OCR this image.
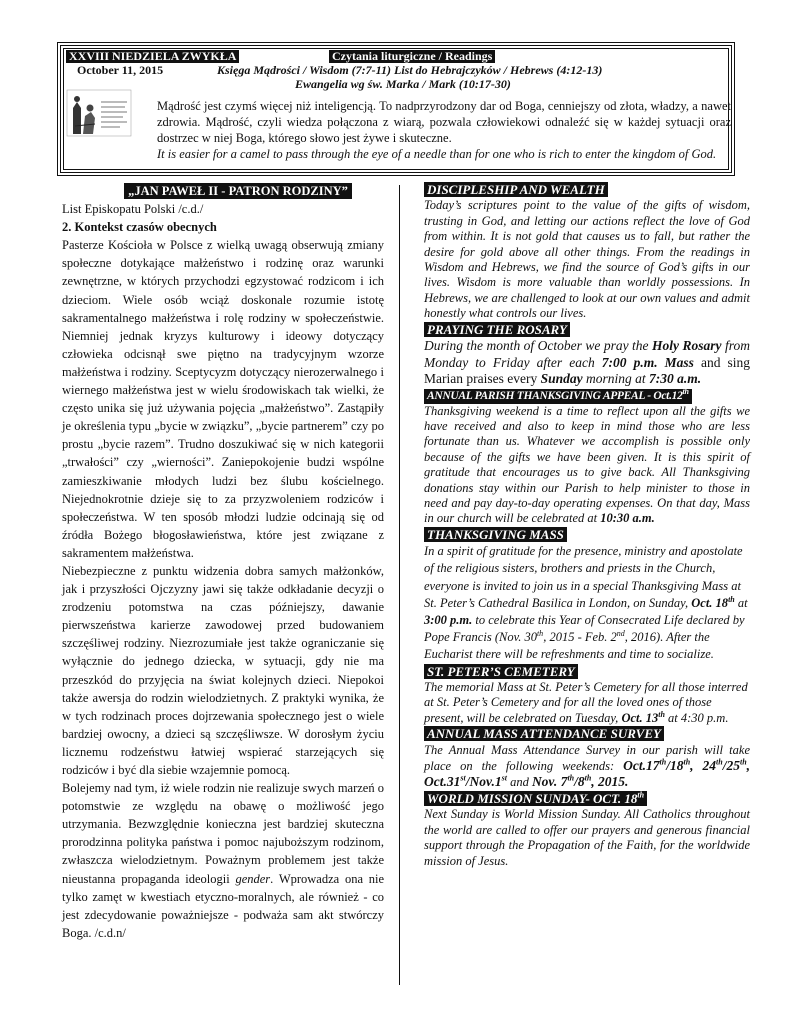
XXVIII NIEDZIELA ZWYKŁA	Czytania liturgiczne / Readings
October 11, 2015	Księga Mądrości / Wisdom (7:7-11) List do Hebrajczyków / Hebrews (4:12-13)
Ewangelia wg św. Marka / Mark (10:17-30)
Mądrość jest czymś więcej niż inteligencją. To nadprzyrodzony dar od Boga, cenniejszy od złota, władzy, a nawet zdrowia. Mądrość, czyli wiedza połączona z wiarą, pozwala człowiekowi odnaleźć się w każdej sytuacji oraz dostrzec w niej Boga, którego słowo jest żywe i skuteczne.
It is easier for a camel to pass through the eye of a needle than for one who is rich to enter the kingdom of God.
„JAN PAWEŁ II - PATRON RODZINY”

List Episkopatu Polski /c.d./

2. Kontekst czasów obecnych

Pasterze Kościoła w Polsce z wielką uwagą obserwują zmiany społeczne dotykające małżeństwo i rodzinę oraz warunki zewnętrzne, w których przychodzi egzystować rodzicom i ich dzieciom. Wiele osób wciąż doskonale rozumie istotę sakramentalnego małżeństwa i rolę rodziny w społeczeństwie. Niemniej jednak kryzys kulturowy i ideowy dotyczący człowieka odcisnął swe piętno na tradycyjnym wzorze małżeństwa i rodziny. Sceptycyzm dotyczący nierozerwalnego i wiernego małżeństwa jest w wielu środowiskach tak wielki, że często unika się już używania pojęcia „małżeństwo”. Zastąpiły je określenia typu „bycie w związku”, „bycie partnerem” czy po prostu „bycie razem”. Trudno doszukiwać się w nich kategorii „trwałości” czy „wierności”. Zaniepokojenie budzi wspólne zamieszkiwanie młodych ludzi bez ślubu kościelnego. Niejednokrotnie dzieje się to za przyzwoleniem rodziców i społeczeństwa. W ten sposób młodzi ludzie odcinają się od źródła Bożego błogosławieństwa, które jest związane z sakramentem małżeństwa.

Niebezpieczne z punktu widzenia dobra samych małżonków, jak i przyszłości Ojczyzny jawi się także odkładanie decyzji o zrodzeniu potomstwa na czas późniejszy, dawanie pierwszeństwa karierze zawodowej przed budowaniem szczęśliwej rodziny. Niezrozumiałe jest także ograniczanie się wyłącznie do jednego dziecka, w sytuacji, gdy nie ma przeszkód do przyjęcia na świat kolejnych dzieci. Niepokoi także awersja do rodzin wielodzietnych. Z praktyki wynika, że w tych rodzinach proces dojrzewania społecznego jest o wiele bardziej owocny, a dzieci są szczęśliwsze. W dorosłym życiu licznemu rodzeństwu łatwiej wspierać starzejących się rodziców i być dla siebie wzajemnie pomocą.

Bolejemy nad tym, iż wiele rodzin nie realizuje swych marzeń o potomstwie ze względu na obawę o możliwość jego utrzymania. Bezwzględnie konieczna jest bardziej skuteczna prorodzinna polityka państwa i pomoc najuboższym rodzinom, zwłaszcza wielodzietnym. Poważnym problemem jest także nieustanna propaganda ideologii gender. Wprowadza ona nie tylko zamęt w kwestiach etyczno-moralnych, ale również - co jest zdecydowanie poważniejsze - podważa sam akt stwórczy Boga. /c.d.n/

DISCIPLESHIP AND WEALTH

Today’s scriptures point to the value of the gifts of wisdom, trusting in God, and letting our actions reflect the love of God from within. It is not gold that causes us to fall, but rather the desire for gold above all other things. From the readings in Wisdom and Hebrews, we find the source of God’s gifts in our lives. Wisdom is more valuable than worldly possessions. In Hebrews, we are challenged to look at our own values and admit honestly what controls our lives.

PRAYING THE ROSARY

During the month of October we pray the Holy Rosary from Monday to Friday after each 7:00 p.m. Mass and sing Marian praises every Sunday morning at 7:30 a.m.

ANNUAL PARISH THANKSGIVING APPEAL - Oct.12th

Thanksgiving weekend is a time to reflect upon all the gifts we have received and also to keep in mind those who are less fortunate than us. Whatever we accomplish is possible only because of the gifts we have been given. It is this spirit of gratitude that encourages us to give back. All Thanksgiving donations stay within our Parish to help minister to those in need and pay day-to-day operating expenses. On that day, Mass in our church will be celebrated at 10:30 a.m.

THANKSGIVING MASS

In a spirit of gratitude for the presence, ministry and apostolate of the religious sisters, brothers and priests in the Church, everyone is invited to join us in a special Thanksgiving Mass at St. Peter’s Cathedral Basilica in London, on Sunday, Oct. 18th at 3:00 p.m. to celebrate this Year of Consecrated Life declared by Pope Francis (Nov. 30th, 2015 - Feb. 2nd, 2016). After the Eucharist there will be refreshments and time to socialize.

ST. PETER’S CEMETERY

The memorial Mass at St. Peter’s Cemetery for all those interred at St. Peter’s Cemetery and for all the loved ones of those present, will be celebrated on Tuesday, Oct. 13th at 4:30 p.m.

ANNUAL MASS ATTENDANCE SURVEY

The Annual Mass Attendance Survey in our parish will take place on the following weekends: Oct.17th/18th, 24th/25th, Oct.31st/Nov.1st and Nov. 7th/8th, 2015.

WORLD MISSION SUNDAY- OCT. 18th

Next Sunday is World Mission Sunday. All Catholics throughout the world are called to offer our prayers and generous financial support through the Propagation of the Faith, for the worldwide mission of Jesus.
